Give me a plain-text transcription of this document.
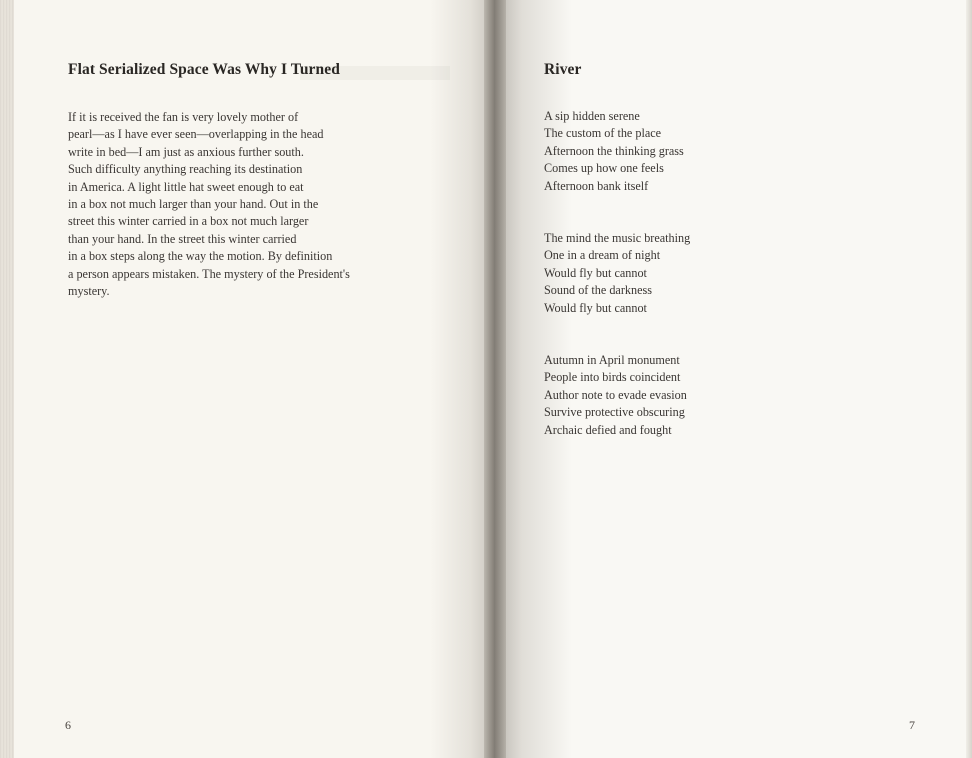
Flat Serialized Space Was Why I Turned
If it is received the fan is very lovely mother of
pearl—as I have ever seen—overlapping in the head
write in bed—I am just as anxious further south.
Such difficulty anything reaching its destination
in America. A light little hat sweet enough to eat
in a box not much larger than your hand. Out in the
street this winter carried in a box not much larger
than your hand. In the street this winter carried
in a box steps along the way the motion. By definition
a person appears mistaken. The mystery of the President's
mystery.
6
River
A sip hidden serene
The custom of the place
Afternoon the thinking grass
Comes up how one feels
Afternoon bank itself
The mind the music breathing
One in a dream of night
Would fly but cannot
Sound of the darkness
Would fly but cannot
Autumn in April monument
People into birds coincident
Author note to evade evasion
Survive protective obscuring
Archaic defied and fought
7
